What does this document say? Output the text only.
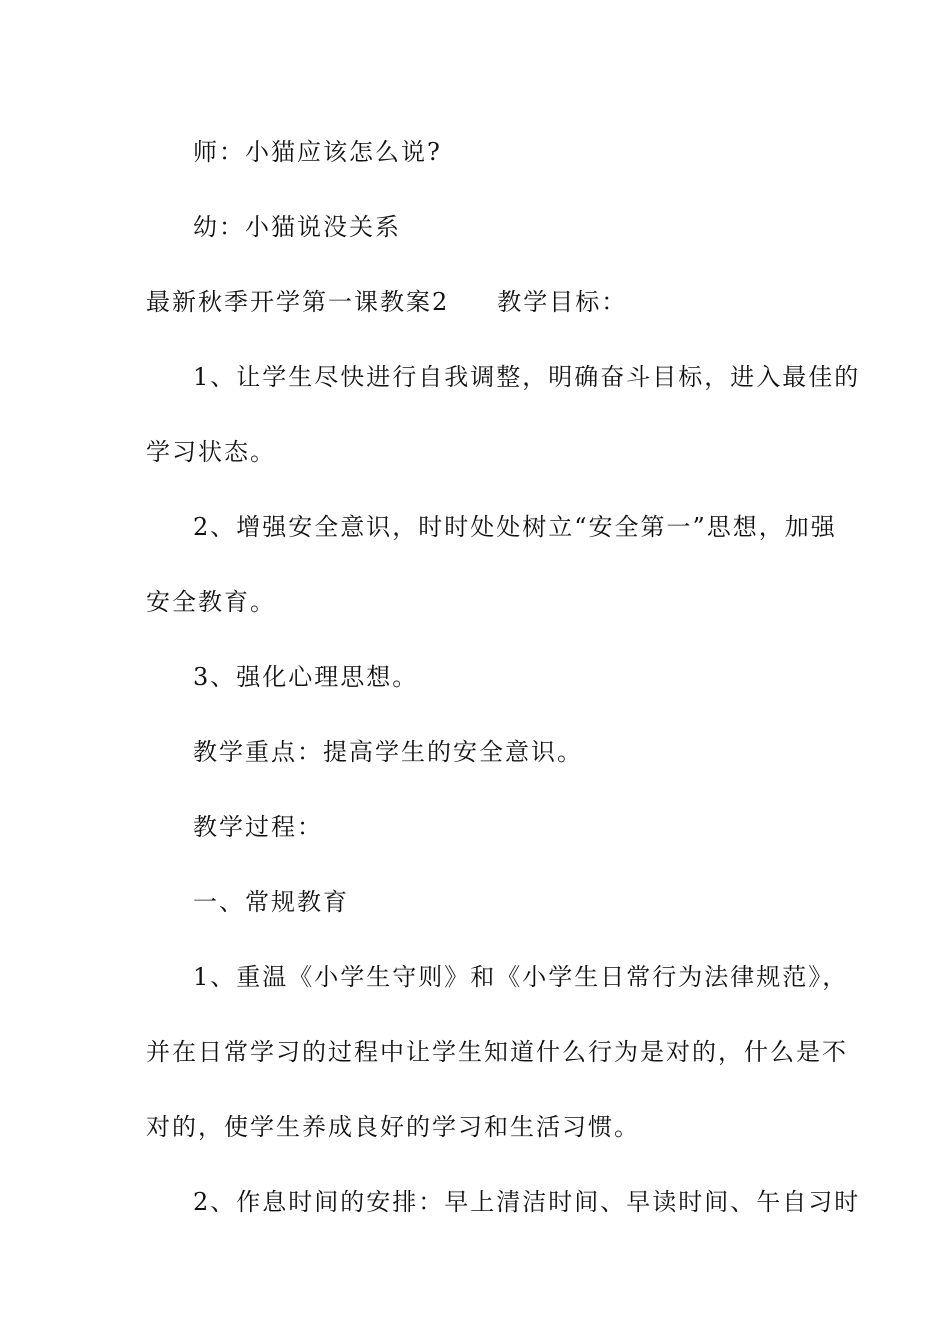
师：小猫应该怎么说?
幼：小猫说没关系
最新秋季开学第一课教案2 教学目标：
1、让学生尽快进行自我调整，明确奋斗目标，进入最佳的
学习状态。
2、增强安全意识，时时处处树立“安全第一”思想，加强
安全教育。
3、强化心理思想。
教学重点：提高学生的安全意识。
教学过程：
一、常规教育
1、重温《小学生守则》和《小学生日常行为法律规范》，
并在日常学习的过程中让学生知道什么行为是对的，什么是不
对的，使学生养成良好的学习和生活习惯。
2、作息时间的安排：早上清洁时间、早读时间、午自习时
